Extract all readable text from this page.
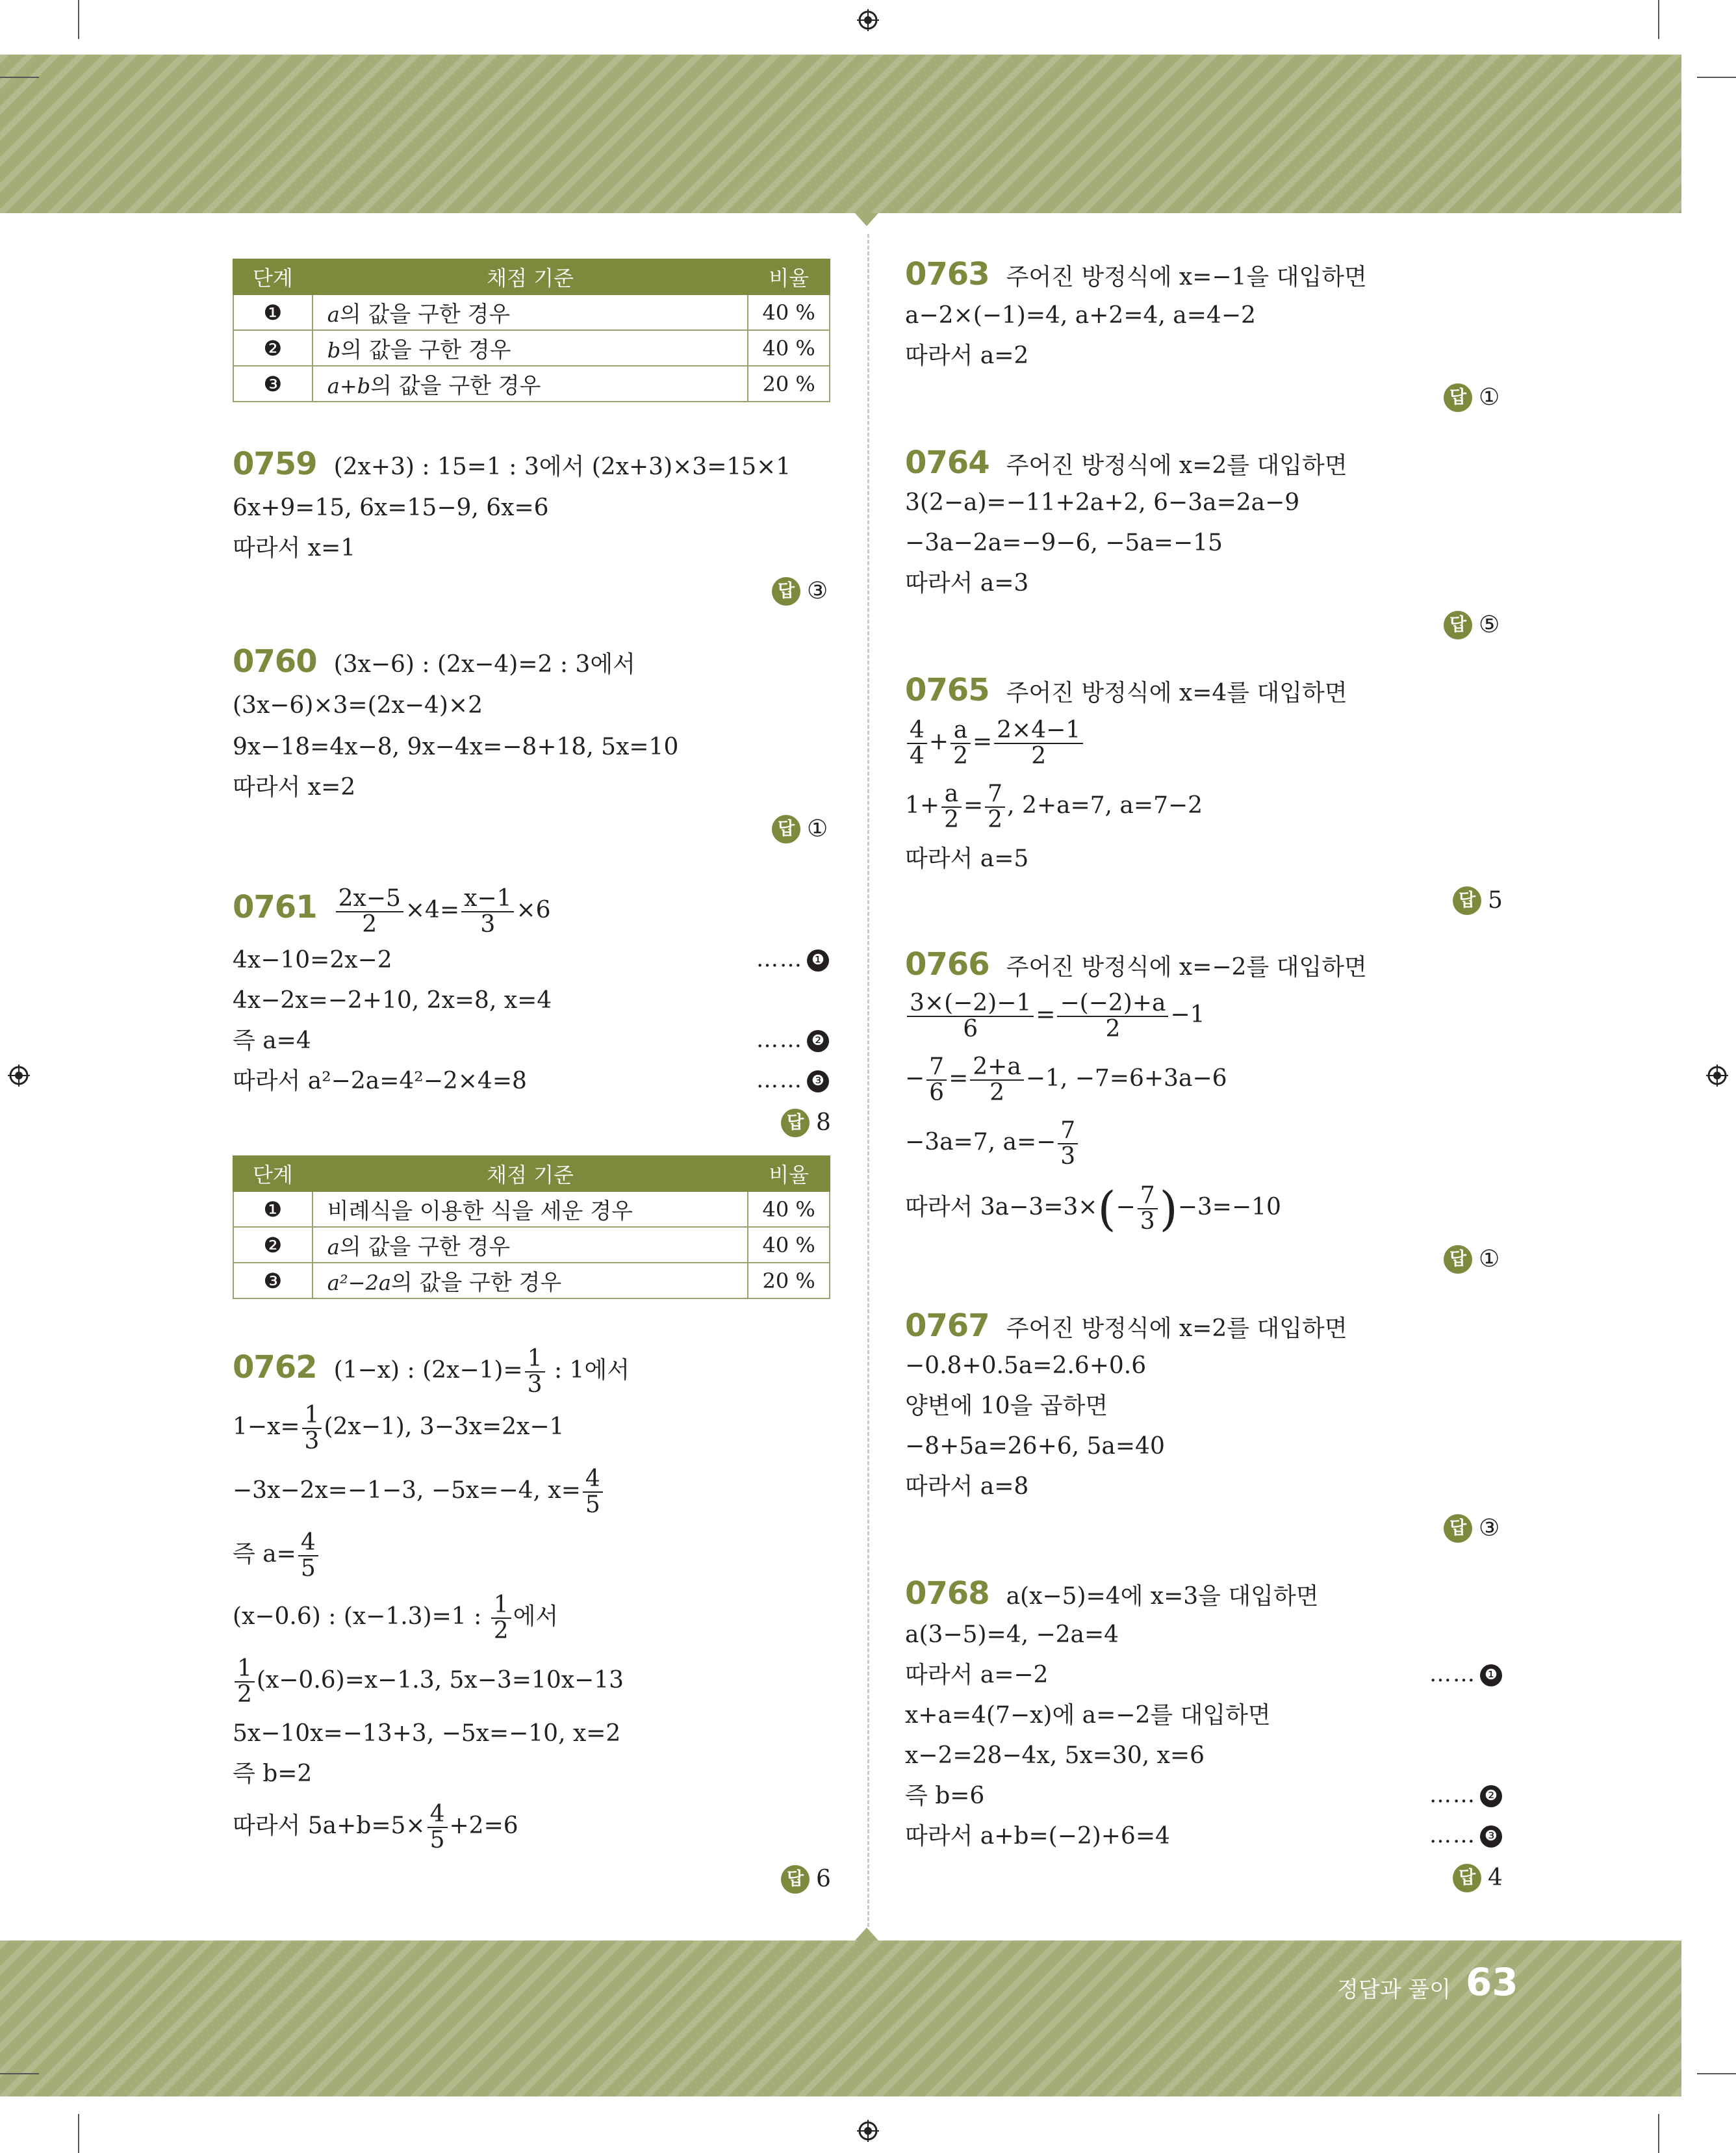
단계	채점 기준	비율
❶	a의 값을 구한 경우	40 %
❷	b의 값을 구한 경우	40 %
❸	a+b의 값을 구한 경우	20 %
0759 (2x+3) : 15=1 : 3에서 (2x+3)×3=15×1
6x+9=15, 6x=15−9, 6x=6
따라서 x=1
답 ③
0760 (3x−6) : (2x−4)=2 : 3에서
(3x−6)×3=(2x−4)×2
9x−18=4x−8, 9x−4x=−8+18, 5x=10
따라서 x=2
답 ①
$0761 \frac{2x-5}{2} \times 4= \frac{x-1}{3} \times 6$
4x−10=2x−2	…… ❶
4x−2x=−2+10, 2x=8, x=4
즉 a=4	…… ❷
따라서 a²−2a=4²−2×4=8	…… ❸
답 8
단계	채점 기준	비율
❶	비례식을 이용한 식을 세운 경우	40 %
❷	a의 값을 구한 경우	40 %
❸	a²−2a의 값을 구한 경우	20 %
0762 (1−x) : $(2x-1)= \frac{1}{3}$ : 1에서
$1-x= \frac{1}{3} (2x-1)$, 3−3x=2x−1
−3x−2x=−1−3, −5x=−4, $x= \frac{4}{5}$
즉 $a= \frac{4}{5}$
(x−0.6) : (x−1.3)=1 : $\frac{1}{2}$ 에서
$\frac{1}{2} (x-0.6)=x-1.3$, 5x−3=10x−13
5x−10x=−13+3, −5x=−10, x=2
즉 b=2
따라서 $5a+b=5\times \frac{4}{5} +2=6$
답 6
0763 주어진 방정식에 x=−1을 대입하면
a−2×(−1)=4, a+2=4, a=4−2
따라서 a=2
답 ①
0764 주어진 방정식에 x=2를 대입하면
3(2−a)=−11+2a+2, 6−3a=2a−9
−3a−2a=−9−6, −5a=−15
따라서 a=3
답 ⑤
0765 주어진 방정식에 x=4를 대입하면
$\frac{4}{4} + \frac{a}{2} = \frac{2\times 4-1}{2}$
$1+ \frac{a}{2} = \frac{7}{2}$ , 2+a=7, a=7−2
따라서 a=5
답 5
0766 주어진 방정식에 x=−2를 대입하면
$\frac{3\times(-2)-1}{6} = \frac{-(-2)+a}{2} -1$
− $\frac{7}{6} = \frac{2+a}{2} -1$, −7=6+3a−6
−3a=7, $a=- \frac{7}{3}$
따라서 $3a-3=3\times(- \frac{7}{3} )-3=-10$
답 ①
0767 주어진 방정식에 x=2를 대입하면
−0.8+0.5a=2.6+0.6
양변에 10을 곱하면
−8+5a=26+6, 5a=40
따라서 a=8
답 ③
0768 a(x−5)=4에 x=3을 대입하면
a(3−5)=4, −2a=4
따라서 a=−2	…… ❶
x+a=4(7−x)에 a=−2를 대입하면
x−2=28−4x, 5x=30, x=6
즉 b=6	…… ❷
따라서 a+b=(−2)+6=4	…… ❸
답 4
정답과 풀이 63
